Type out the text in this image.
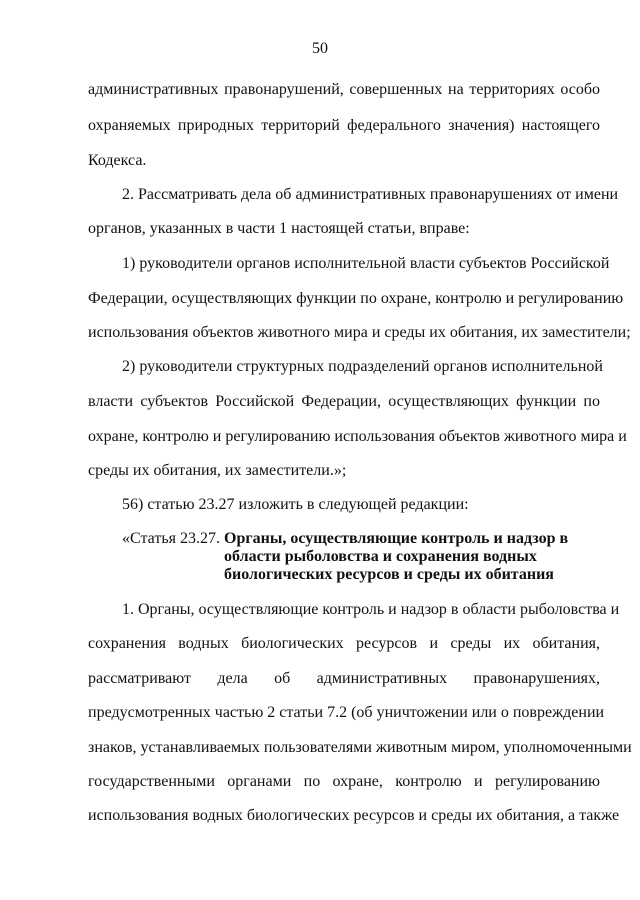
50
административных правонарушений, совершенных на территориях особо
охраняемых природных территорий федерального значения) настоящего
Кодекса.
2. Рассматривать дела об административных правонарушениях от имени
органов, указанных в части 1 настоящей статьи, вправе:
1) руководители органов исполнительной власти субъектов Российской
Федерации, осуществляющих функции по охране, контролю и регулированию
использования объектов животного мира и среды их обитания, их заместители;
2) руководители структурных подразделений органов исполнительной
власти субъектов Российской Федерации, осуществляющих функции по
охране, контролю и регулированию использования объектов животного мира и
среды их обитания, их заместители.»;
56) статью 23.27 изложить в следующей редакции:
«Статья 23.27. Органы, осуществляющие контроль и надзор в
области рыболовства и сохранения водных
биологических ресурсов и среды их обитания
1. Органы, осуществляющие контроль и надзор в области рыболовства и
сохранения водных биологических ресурсов и среды их обитания,
рассматривают дела об административных правонарушениях,
предусмотренных частью 2 статьи 7.2 (об уничтожении или о повреждении
знаков, устанавливаемых пользователями животным миром, уполномоченными
государственными органами по охране, контролю и регулированию
использования водных биологических ресурсов и среды их обитания, а также
